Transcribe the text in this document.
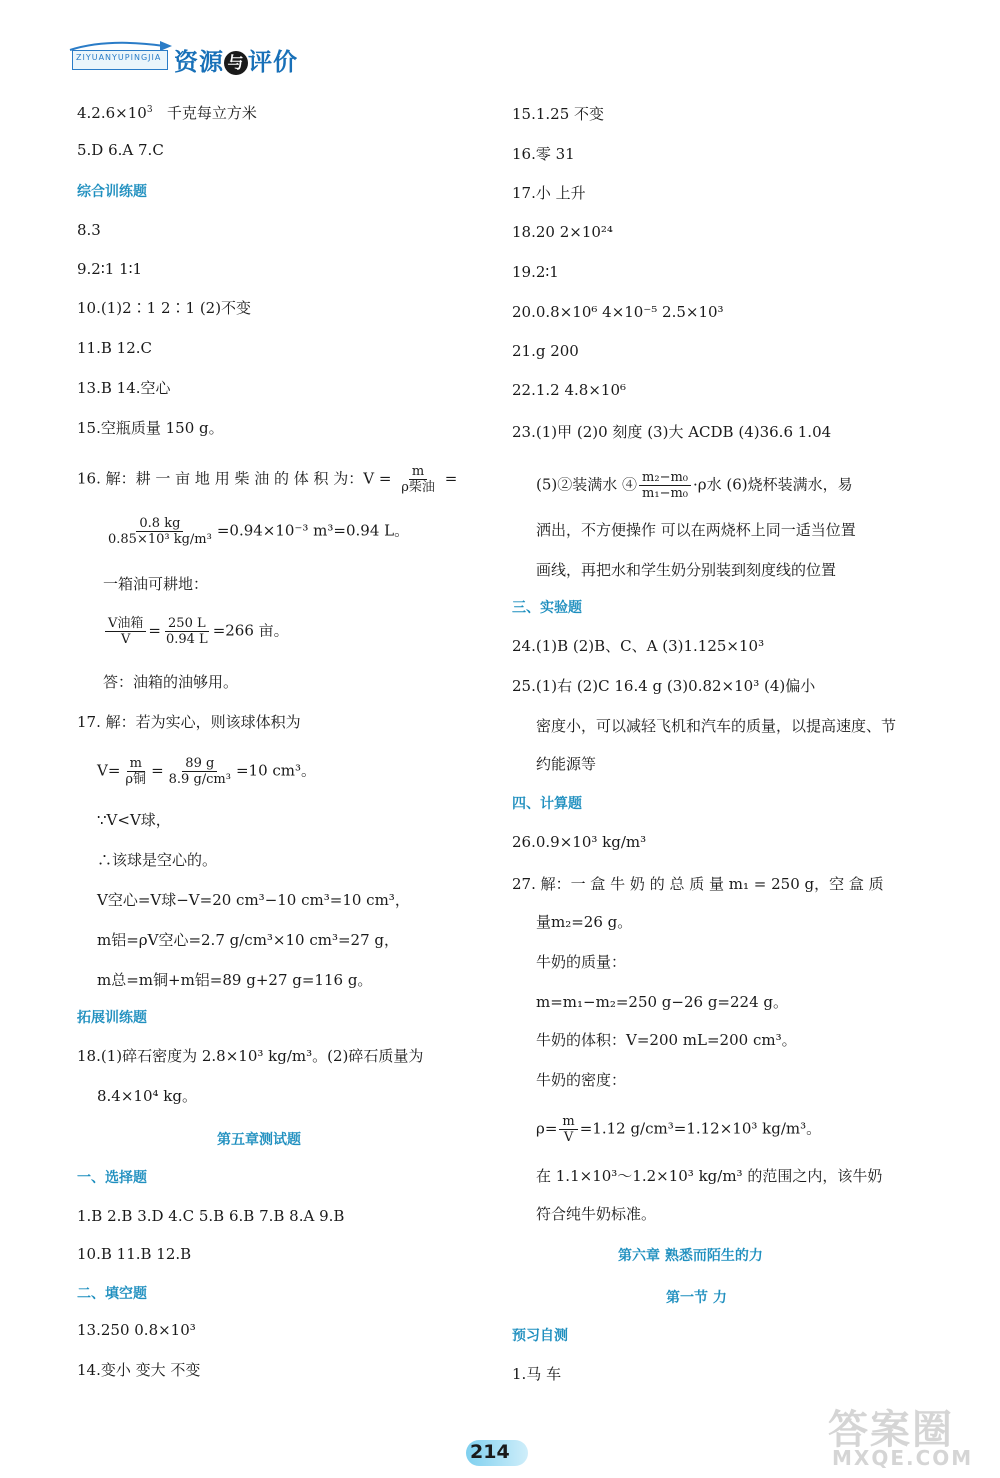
ZIYUANYUPINGJIA 资源 与 评价
$4.2.6\times 10^3$ 千克每立方米
5.D 6.A 7.C
综合训练题
8.3
9.2∶1 1∶1
10.(1)2∶1 2∶1 (2)不变
11.B 12.C
13.B 14.空心
15.空瓶质量 150 g。
16. 解：耕 一 亩 地 用 柴 油 的 体 积 为：$V = \frac{m}{\text{ρ柴油}}$ =
$\frac{0.8 kg}{\text{0.85×10³ kg/m³}} =0.94\times 10^{-3}$ m³=0.94 L。
一箱油可耕地：
$\frac{\text{V油箱}}{V} = \frac{250 L}{0.94 L} =266$ 亩。
答：油箱的油够用。
17. 解：若为实心，则该球体积为
$V= \frac{m}{\text{ρ铜}} = \frac{89 g}{\text{8.9 g/cm³}} =10$ cm³。
∵V<V球，
∴该球是空心的。
V空心=V球−V=20 cm³−10 cm³=10 cm³，
m铝=ρV空心=2.7 g/cm³×10 cm³=27 g，
m总=m铜+m铝=89 g+27 g=116 g。
拓展训练题
18.(1)碎石密度为 2.8×10³ kg/m³。(2)碎石质量为
8.4×10⁴ kg。
第五章测试题
一、选择题
1.B 2.B 3.D 4.C 5.B 6.B 7.B 8.A 9.B
10.B 11.B 12.B
二、填空题
13.250 0.8×10³
14.变小 变大 不变
15.1.25 不变
16.零 31
17.小 上升
18.20 2×10²⁴
19.2∶1
20.0.8×10⁶ 4×10⁻⁵ 2.5×10³
21.g 200
22.1.2 4.8×10⁶
23.(1)甲 (2)0 刻度 (3)大 ACDB (4)36.6 1.04
(5)②装满水 ④ $\frac{\text{m₂−m₀}}{\text{m₁−m₀}} \cdot\rho$水 (6)烧杯装满水，易
洒出，不方便操作 可以在两烧杯上同一适当位置
画线，再把水和学生奶分别装到刻度线的位置
三、实验题
24.(1)B (2)B、C、A (3)1.125×10³
25.(1)右 (2)C 16.4 g (3)0.82×10³ (4)偏小
密度小，可以减轻飞机和汽车的质量，以提高速度、节
约能源等
四、计算题
26.0.9×10³ kg/m³
27. 解：一 盒 牛 奶 的 总 质 量 m₁ = 250 g，空 盒 质
量m₂=26 g。
牛奶的质量：
m=m₁−m₂=250 g−26 g=224 g。
牛奶的体积：V=200 mL=200 cm³。
牛奶的密度：
$\rho= \frac{m}{V} =1.12$ g/cm³=1.12×10³ kg/m³。
在 1.1×10³～1.2×10³ kg/m³ 的范围之内，该牛奶
符合纯牛奶标准。
第六章 熟悉而陌生的力
第一节 力
预习自测
1.马 车
214	答案圈
MXQE.COM
